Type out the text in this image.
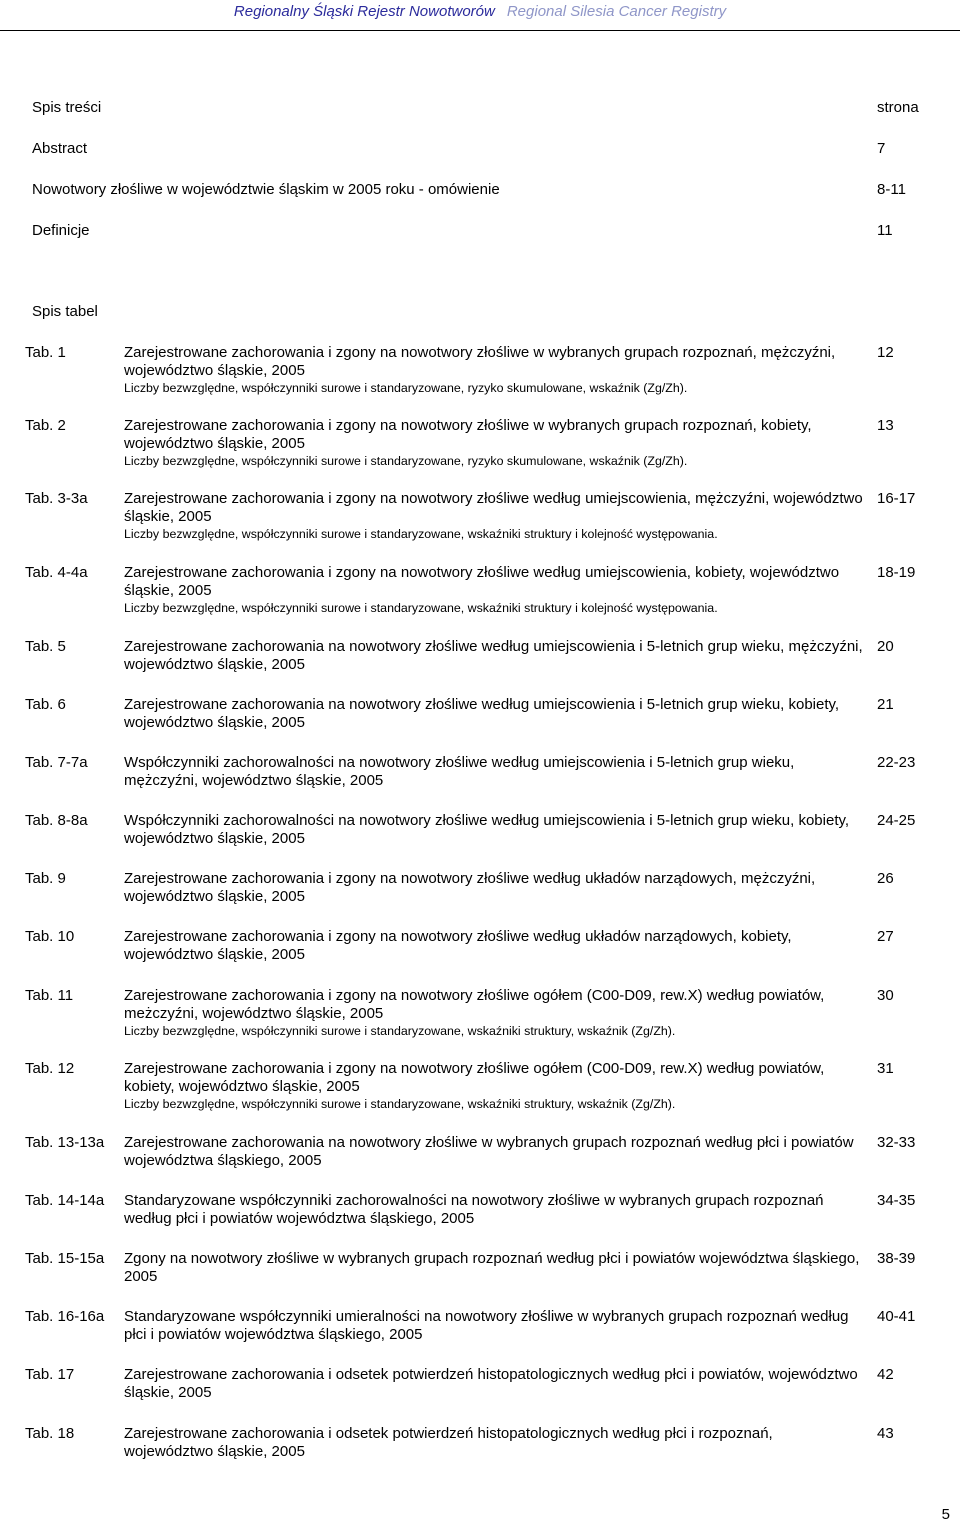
Regionalny Śląski Rejestr Nowotworów Regional Silesia Cancer Registry
Spis treści	strona
Abstract	7
Nowotwory złośliwe w województwie śląskim w 2005 roku - omówienie	8-11
Definicje	11
Spis tabel
Tab. 1	Zarejestrowane zachorowania i zgony na nowotwory złośliwe w wybranych grupach rozpoznań, mężczyźni, województwo śląskie, 2005
Liczby bezwzględne, współczynniki surowe i standaryzowane, ryzyko skumulowane, wskaźnik (Zg/Zh).
12
Tab. 2	Zarejestrowane zachorowania i zgony na nowotwory złośliwe w wybranych grupach rozpoznań, kobiety, województwo śląskie, 2005
Liczby bezwzględne, współczynniki surowe i standaryzowane, ryzyko skumulowane, wskaźnik (Zg/Zh).
13
Tab. 3-3a Zarejestrowane zachorowania i zgony na nowotwory złośliwe według umiejscowienia, mężczyźni, województwo śląskie, 2005
Liczby bezwzględne, współczynniki surowe i standaryzowane, wskaźniki struktury i kolejność występowania.
16-17
Tab. 4-4a Zarejestrowane zachorowania i zgony na nowotwory złośliwe według umiejscowienia, kobiety, województwo śląskie, 2005
Liczby bezwzględne, współczynniki surowe i standaryzowane, wskaźniki struktury i kolejność występowania.
18-19
Tab. 5	Zarejestrowane zachorowania na nowotwory złośliwe według umiejscowienia i 5-letnich grup wieku, mężczyźni, województwo śląskie, 2005
20
Tab. 6	Zarejestrowane zachorowania na nowotwory złośliwe według umiejscowienia i 5-letnich grup wieku, kobiety, województwo śląskie, 2005
21
Tab. 7-7a Współczynniki zachorowalności na nowotwory złośliwe według umiejscowienia i 5-letnich grup wieku, mężczyźni, województwo śląskie, 2005
22-23
Tab. 8-8a Współczynniki zachorowalności na nowotwory złośliwe według umiejscowienia i 5-letnich grup wieku, kobiety, województwo śląskie, 2005
24-25
Tab. 9	Zarejestrowane zachorowania i zgony na nowotwory złośliwe według układów narządowych, mężczyźni, województwo śląskie, 2005
26
Tab. 10	Zarejestrowane zachorowania i zgony na nowotwory złośliwe według układów narządowych, kobiety, województwo śląskie, 2005
27
Tab. 11	Zarejestrowane zachorowania i zgony na nowotwory złośliwe ogółem (C00-D09, rew.X) według powiatów, meżczyźni, województwo śląskie, 2005
Liczby bezwzględne, współczynniki surowe i standaryzowane, wskaźniki struktury, wskaźnik (Zg/Zh).
30
Tab. 12	Zarejestrowane zachorowania i zgony na nowotwory złośliwe ogółem (C00-D09, rew.X) według powiatów, kobiety, województwo śląskie, 2005
Liczby bezwzględne, współczynniki surowe i standaryzowane, wskaźniki struktury, wskaźnik (Zg/Zh).
31
Tab. 13-13a Zarejestrowane zachorowania na nowotwory złośliwe w wybranych grupach rozpoznań według płci i powiatów województwa śląskiego, 2005
32-33
Tab. 14-14a Standaryzowane współczynniki zachorowalności na nowotwory złośliwe w wybranych grupach rozpoznań według płci i powiatów województwa śląskiego, 2005
34-35
Tab. 15-15a Zgony na nowotwory złośliwe w wybranych grupach rozpoznań według płci i powiatów województwa śląskiego, 2005
38-39
Tab. 16-16a Standaryzowane współczynniki umieralności na nowotwory złośliwe w wybranych grupach rozpoznań według płci i powiatów województwa śląskiego, 2005
40-41
Tab. 17	Zarejestrowane zachorowania i odsetek potwierdzeń histopatologicznych według płci i powiatów, województwo śląskie, 2005
42
Tab. 18	Zarejestrowane zachorowania i odsetek potwierdzeń histopatologicznych według płci i rozpoznań, województwo śląskie, 2005
43
5
